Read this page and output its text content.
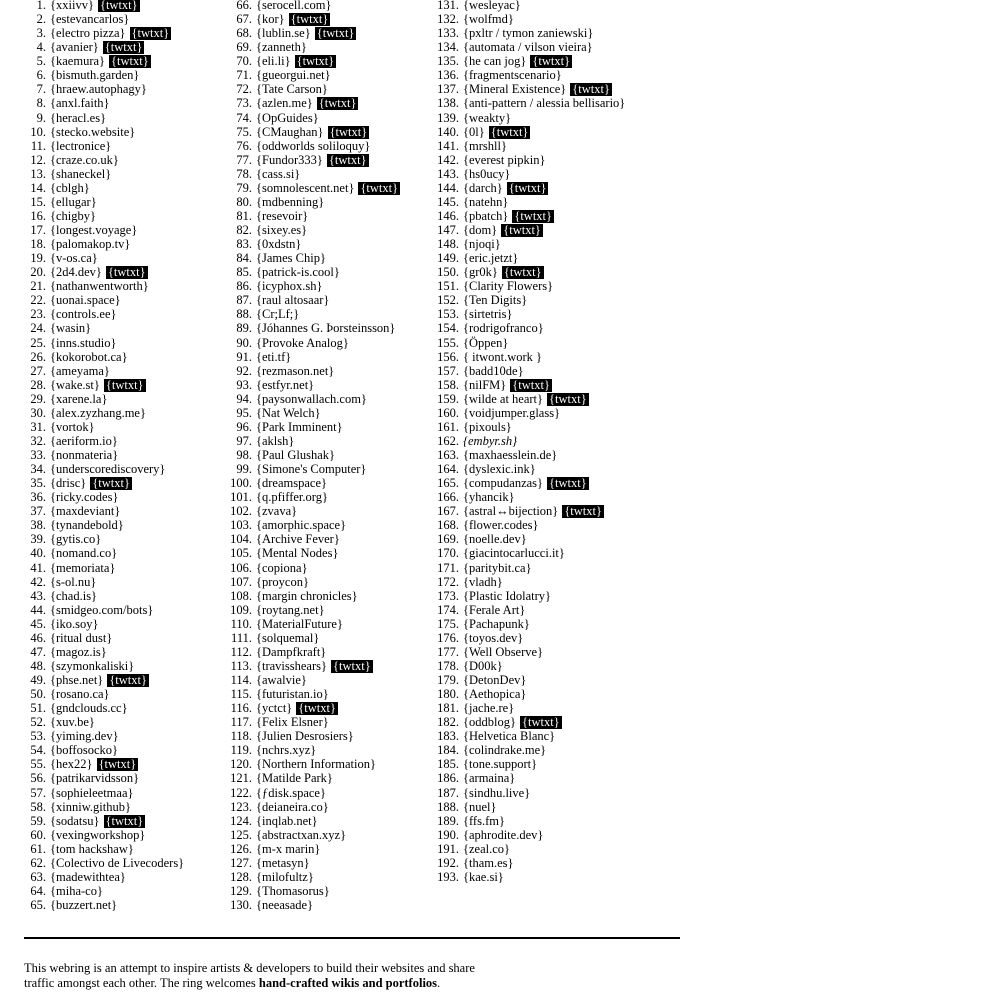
1. {xxiivv} {twtxt}
2. {estevancarlos}
3. {electro pizza} {twtxt}
4. {avanier} {twtxt}
5. {kaemura} {twtxt}
6. {bismuth.garden}
7. {hraew.autophagy}
8. {anxl.faith}
9. {heracl.es}
10. {stecko.website}
11. {lectronice}
12. {craze.co.uk}
13. {shaneckel}
14. {cblgh}
15. {ellugar}
16. {chigby}
17. {longest.voyage}
18. {palomakop.tv}
19. {v-os.ca}
20. {2d4.dev} {twtxt}
21. {nathanwentworth}
22. {uonai.space}
23. {controls.ee}
24. {wasin}
25. {inns.studio}
26. {kokorobot.ca}
27. {ameyama}
28. {wake.st} {twtxt}
29. {xarene.la}
30. {alex.zyzhang.me}
31. {vortok}
32. {aeriform.io}
33. {nonmateria}
34. {underscorediscovery}
35. {drisc} {twtxt}
36. {ricky.codes}
37. {maxdeviant}
38. {tynandebold}
39. {gytis.co}
40. {nomand.co}
41. {memoriata}
42. {s-ol.nu}
43. {chad.is}
44. {smidgeo.com/bots}
45. {iko.soy}
46. {ritual dust}
47. {magoz.is}
48. {szymonkaliski}
49. {phse.net} {twtxt}
50. {rosano.ca}
51. {gndclouds.cc}
52. {xuv.be}
53. {yiming.dev}
54. {boffosocko}
55. {hex22} {twtxt}
56. {patrikarvidsson}
57. {sophieleetmaa}
58. {xinniw.github}
59. {sodatsu} {twtxt}
60. {vexingworkshop}
61. {tom hackshaw}
62. {Colectivo de Livecoders}
63. {madewithtea}
64. {miha-co}
65. {buzzert.net}
66. {serocell.com}
67. {kor} {twtxt}
68. {lublin.se} {twtxt}
69. {zanneth}
70. {eli.li} {twtxt}
71. {gueorgui.net}
72. {Tate Carson}
73. {azlen.me} {twtxt}
74. {OpGuides}
75. {CMaughan} {twtxt}
76. {oddworlds soliloquy}
77. {Fundor333} {twtxt}
78. {cass.si}
79. {somnolescent.net} {twtxt}
80. {mdbenning}
81. {resevoir}
82. {sixey.es}
83. {0xdstn}
84. {James Chip}
85. {patrick-is.cool}
86. {icyphox.sh}
87. {raul altosaar}
88. {Cr;Lf;}
89. {Jóhannes G. Þorsteinsson}
90. {Provoke Analog}
91. {eti.tf}
92. {rezmason.net}
93. {estfyr.net}
94. {paysonwallach.com}
95. {Nat Welch}
96. {Park Imminent}
97. {aklsh}
98. {Paul Glushak}
99. {Simone's Computer}
100. {dreamspace}
101. {q.pfiffer.org}
102. {zvava}
103. {amorphic.space}
104. {Archive Fever}
105. {Mental Nodes}
106. {copiona}
107. {proycon}
108. {margin chronicles}
109. {roytang.net}
110. {MaterialFuture}
111. {solquemal}
112. {Dampfkraft}
113. {travisshears} {twtxt}
114. {awalvie}
115. {futuristan.io}
116. {yctct} {twtxt}
117. {Felix Elsner}
118. {Julien Desrosiers}
119. {nchrs.xyz}
120. {Northern Information}
121. {Matilde Park}
122. {ƒdisk.space}
123. {deianeira.co}
124. {inqlab.net}
125. {abstractxan.xyz}
126. {m-x marin}
127. {metasyn}
128. {milofultz}
129. {Thomasorus}
130. {neeasade}
131. {wesleyac}
132. {wolfmd}
133. {pxltr / tymon zaniewski}
134. {automata / vilson vieira}
135. {he can jog} {twtxt}
136. {fragmentscenario}
137. {Mineral Existence} {twtxt}
138. {anti-pattern / alessia bellisario}
139. {weakty}
140. {0l} {twtxt}
141. {mrshll}
142. {everest pipkin}
143. {hs0ucy}
144. {darch} {twtxt}
145. {natehn}
146. {pbatch} {twtxt}
147. {dom} {twtxt}
148. {njoqi}
149. {eric.jetzt}
150. {gr0k} {twtxt}
151. {Clarity Flowers}
152. {Ten Digits}
153. {sirtetris}
154. {rodrigofranco}
155. {Öppen}
156. { itwont.work }
157. {badd10de}
158. {nilFM} {twtxt}
159. {wilde at heart} {twtxt}
160. {voidjumper.glass}
161. {pixouls}
162. {embyr.sh}
163. {maxhaesslein.de}
164. {dyslexic.ink}
165. {compudanzas} {twtxt}
166. {yhancik}
167. {astral↔bijection} {twtxt}
168. {flower.codes}
169. {noelle.dev}
170. {giacintocarlucci.it}
171. {paritybit.ca}
172. {vladh}
173. {Plastic Idolatry}
174. {Ferale Art}
175. {Pachapunk}
176. {toyos.dev}
177. {Well Observe}
178. {D00k}
179. {DetonDev}
180. {Aethopica}
181. {jache.re}
182. {oddblog} {twtxt}
183. {Helvetica Blanc}
184. {colindrake.me}
185. {tone.support}
186. {armaina}
187. {sindhu.live}
188. {nuel}
189. {ffs.fm}
190. {aphrodite.dev}
191. {zeal.co}
192. {tham.es}
193. {kae.si}

This webring is an attempt to inspire artists & developers to build their websites and share traffic amongst each other. The ring welcomes hand-crafted wikis and portfolios.
